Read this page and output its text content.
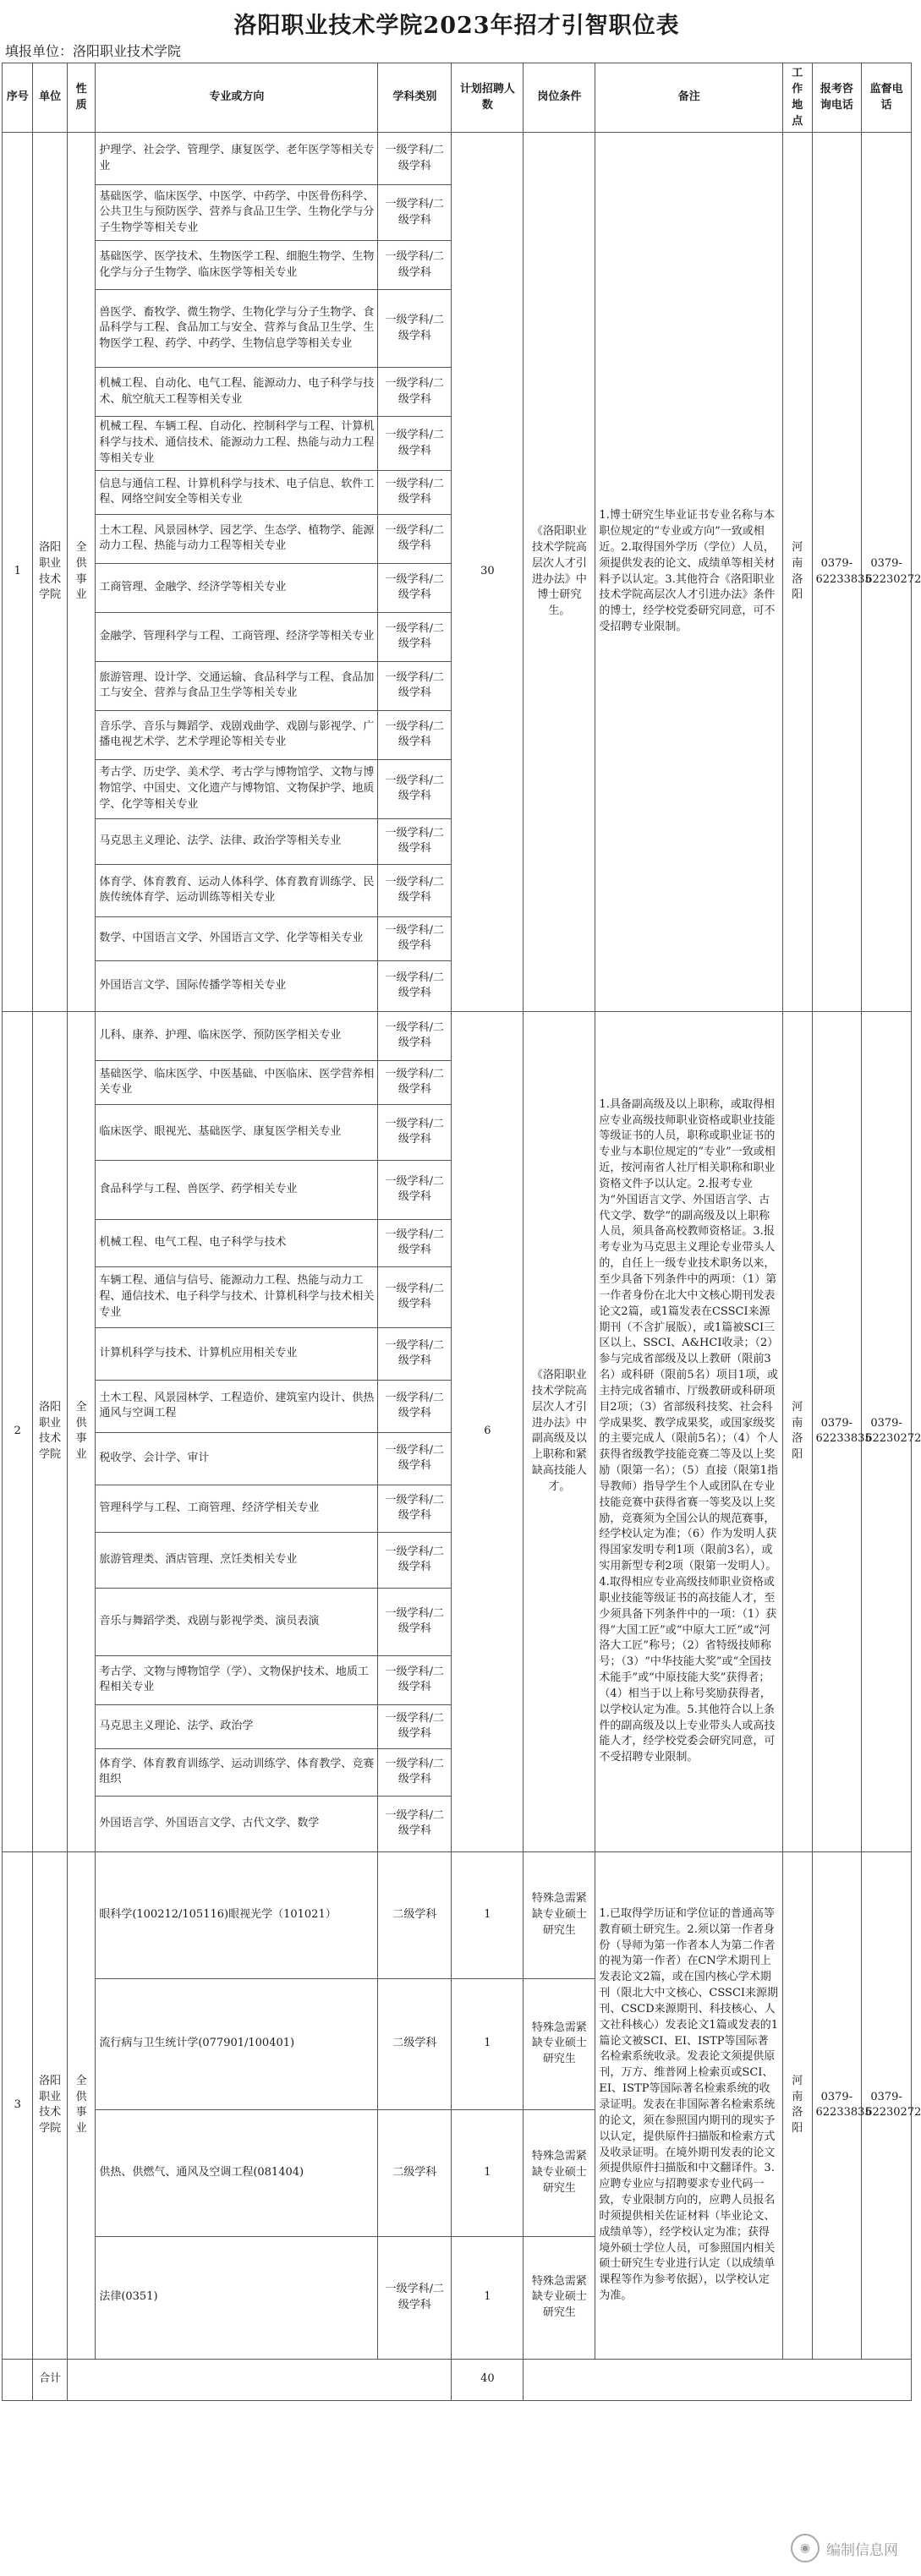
洛阳职业技术学院2023年招才引智职位表
填报单位：洛阳职业技术学院
序号	单位	性质	专业或方向	学科类别	计划招聘人数	岗位条件	备注	工作地点	报考咨询电话	监督电话
1	洛阳职业技术学院	全供事业	护理学、社会学、管理学、康复医学、老年医学等相关专业	一级学科/二级学科	30	《洛阳职业技术学院高层次人才引进办法》中博士研究生。	1.博士研究生毕业证书专业名称与本职位规定的“专业或方向”一致或相近。2.取得国外学历（学位）人员，须提供发表的论文、成绩单等相关材料予以认定。3.其他符合《洛阳职业技术学院高层次人才引进办法》条件的博士，经学校党委研究同意，可不受招聘专业限制。	河南洛阳	0379-62233835	0379-62230272
			基础医学、临床医学、中医学、中药学、中医骨伤科学、公共卫生与预防医学、营养与食品卫生学、生物化学与分子生物学等相关专业	一级学科/二级学科						
			基础医学、医学技术、生物医学工程、细胞生物学、生物化学与分子生物学、临床医学等相关专业	一级学科/二级学科						
			兽医学、畜牧学、微生物学、生物化学与分子生物学、食品科学与工程、食品加工与安全、营养与食品卫生学、生物医学工程、药学、中药学、生物信息学等相关专业	一级学科/二级学科						
			机械工程、自动化、电气工程、能源动力、电子科学与技术、航空航天工程等相关专业	一级学科/二级学科						
			机械工程、车辆工程、自动化、控制科学与工程、计算机科学与技术、通信技术、能源动力工程、热能与动力工程等相关专业	一级学科/二级学科						
			信息与通信工程、计算机科学与技术、电子信息、软件工程、网络空间安全等相关专业	一级学科/二级学科						
			土木工程、风景园林学、园艺学、生态学、植物学、能源动力工程、热能与动力工程等相关专业	一级学科/二级学科						
			工商管理、金融学、经济学等相关专业	一级学科/二级学科						
			金融学、管理科学与工程、工商管理、经济学等相关专业	一级学科/二级学科						
			旅游管理、设计学、交通运输、食品科学与工程、食品加工与安全、营养与食品卫生学等相关专业	一级学科/二级学科						
			音乐学、音乐与舞蹈学、戏剧戏曲学、戏剧与影视学、广播电视艺术学、艺术学理论等相关专业	一级学科/二级学科						
			考古学、历史学、美术学、考古学与博物馆学、文物与博物馆学、中国史、文化遗产与博物馆、文物保护学、地质学、化学等相关专业	一级学科/二级学科						
			马克思主义理论、法学、法律、政治学等相关专业	一级学科/二级学科						
			体育学、体育教育、运动人体科学、体育教育训练学、民族传统体育学、运动训练等相关专业	一级学科/二级学科						
			数学、中国语言文学、外国语言文学、化学等相关专业	一级学科/二级学科						
			外国语言文学、国际传播学等相关专业	一级学科/二级学科						
2	洛阳职业技术学院	全供事业	儿科、康养、护理、临床医学、预防医学相关专业	一级学科/二级学科	6	《洛阳职业技术学院高层次人才引进办法》中副高级及以上职称和紧缺高技能人才。	1.具备副高级及以上职称，或取得相应专业高级技师职业资格或职业技能等级证书的人员，职称或职业证书的专业与本职位规定的“专业”一致或相近，按河南省人社厅相关职称和职业资格文件予以认定。2.报考专业为“外国语言文学、外国语言学、古代文学、数学”的副高级及以上职称人员，须具备高校教师资格证。3.报考专业为马克思主义理论专业带头人的，自任上一级专业技术职务以来，至少具备下列条件中的两项：（1）第一作者身份在北大中文核心期刊发表论文2篇，或1篇发表在CSSCI来源期刊（不含扩展版），或1篇被SCI三区以上、SSCI、A&HCI收录；（2）参与完成省部级及以上教研（限前3名）或科研（限前5名）项目1项，或主持完成省辅市、厅级教研或科研项目2项；（3）省部级科技奖、社会科学成果奖、教学成果奖，或国家级奖的主要完成人（限前5名）；（4）个人获得省级教学技能竞赛二等及以上奖励（限第一名）；（5）直接（限第1指导教师）指导学生个人或团队在专业技能竞赛中获得省赛一等奖及以上奖励，竞赛须为全国公认的规范赛事，经学校认定为准；（6）作为发明人获得国家发明专利1项（限前3名），或实用新型专利2项（限第一发明人）。4.取得相应专业高级技师职业资格或职业技能等级证书的高技能人才，至少须具备下列条件中的一项：（1）获得“大国工匠”或“中原大工匠”或“河洛大工匠”称号；（2）省特级技师称号；（3）“中华技能大奖”或“全国技术能手”或“中原技能大奖”获得者；（4）相当于以上称号奖励获得者，以学校认定为准。5.其他符合以上条件的副高级及以上专业带头人或高技能人才，经学校党委会研究同意，可不受招聘专业限制。	河南洛阳	0379-62233835	0379-62230272
			基础医学、临床医学、中医基础、中医临床、医学营养相关专业	一级学科/二级学科						
			临床医学、眼视光、基础医学、康复医学相关专业	一级学科/二级学科						
			食品科学与工程、兽医学、药学相关专业	一级学科/二级学科						
			机械工程、电气工程、电子科学与技术	一级学科/二级学科						
			车辆工程、通信与信号、能源动力工程、热能与动力工程、通信技术、电子科学与技术、计算机科学与技术相关专业	一级学科/二级学科						
			计算机科学与技术、计算机应用相关专业	一级学科/二级学科						
			土木工程、风景园林学、工程造价、建筑室内设计、供热通风与空调工程	一级学科/二级学科						
			税收学、会计学、审计	一级学科/二级学科						
			管理科学与工程、工商管理、经济学相关专业	一级学科/二级学科						
			旅游管理类、酒店管理、烹饪类相关专业	一级学科/二级学科						
			音乐与舞蹈学类、戏剧与影视学类、演员表演	一级学科/二级学科						
			考古学、文物与博物馆学（学）、文物保护技术、地质工程相关专业	一级学科/二级学科						
			马克思主义理论、法学、政治学	一级学科/二级学科						
			体育学、体育教育训练学、运动训练学、体育教学、竞赛组织	一级学科/二级学科						
			外国语言学、外国语言文学、古代文学、数学	一级学科/二级学科						
3	洛阳职业技术学院	全供事业	眼科学(100212/105116)眼视光学（101021）	二级学科	1	特殊急需紧缺专业硕士研究生	1.已取得学历证和学位证的普通高等教育硕士研究生。2.须以第一作者身份（导师为第一作者本人为第二作者的视为第一作者）在CN学术期刊上发表论文2篇，或在国内核心学术期刊（限北大中文核心、CSSCI来源期刊、CSCD来源期刊、科技核心、人文社科核心）发表论文1篇或发表的1篇论文被SCI、EI、ISTP等国际著名检索系统收录。发表论文须提供原刊，万方、维普网上检索页或SCI、EI、ISTP等国际著名检索系统的收录证明。发表在非国际著名检索系统的论文，须在参照国内期刊的现实予以认定，提供原件扫描版和检索方式及收录证明。在境外期刊发表的论文须提供原件扫描版和中文翻译件。3.应聘专业应与招聘要求专业代码一致，专业限制方向的，应聘人员报名时须提供相关佐证材料（毕业论文、成绩单等），经学校认定为准；获得境外硕士学位人员，可参照国内相关硕士研究生专业进行认定（以成绩单课程等作为参考依据），以学校认定为准。	河南洛阳	0379-62233835	0379-62230272
			流行病与卫生统计学(077901/100401)	二级学科	1	特殊急需紧缺专业硕士研究生				
			供热、供燃气、通风及空调工程(081404)	二级学科	1	特殊急需紧缺专业硕士研究生				
			法律(0351)	一级学科/二级学科	1	特殊急需紧缺专业硕士研究生				
	合计				40					
◉	编制信息网
